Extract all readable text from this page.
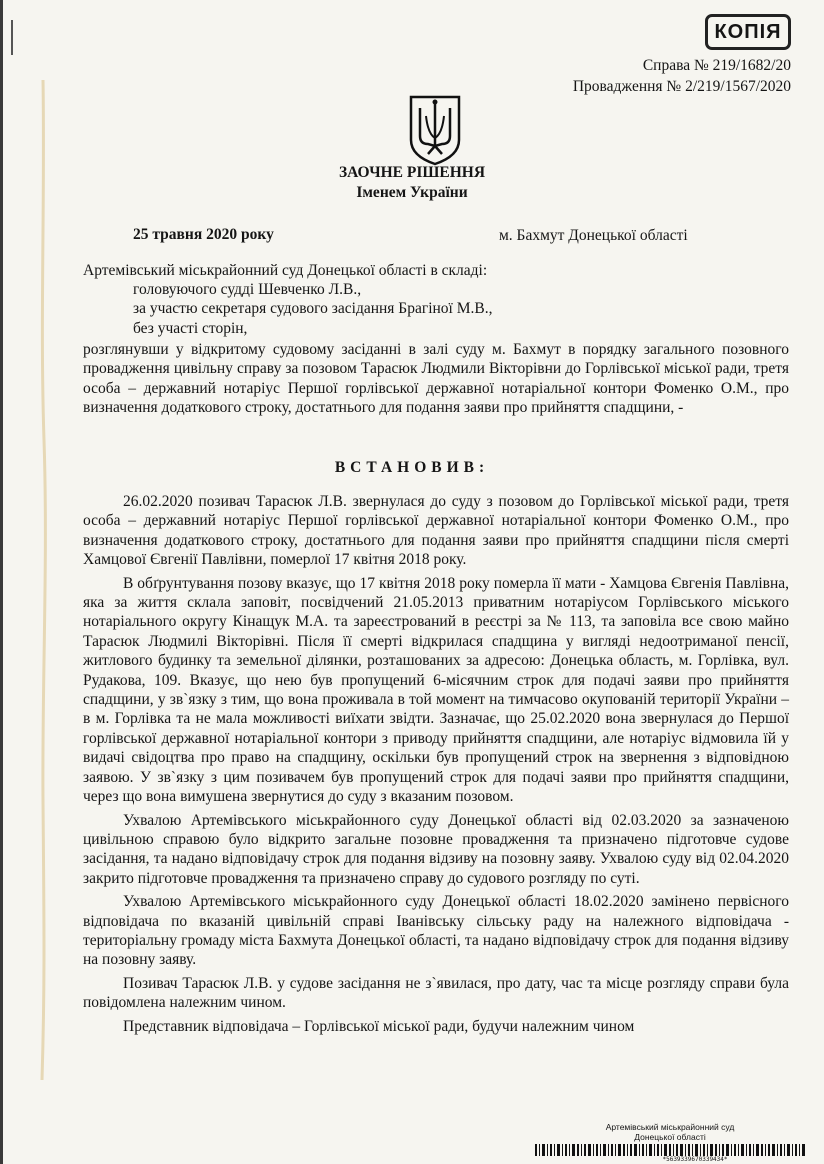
КОПІЯ
Справа № 219/1682/20
Провадження № 2/219/1567/2020
ЗАОЧНЕ РІШЕННЯ
Іменем України
25 травня 2020 року	м. Бахмут Донецької області
Артемівський міськрайонний суд Донецької області в складі:
головуючого судді Шевченко Л.В.,
за участю секретаря судового засідання Брагіної М.В.,
без участі сторін,

розглянувши у відкритому судовому засіданні в залі суду м. Бахмут в порядку загального позовного провадження цивільну справу за позовом Тарасюк Людмили Вікторівни до Горлівської міської ради, третя особа – державний нотаріус Першої горлівської державної нотаріальної контори Фоменко О.М., про визначення додаткового строку, достатнього для подання заяви про прийняття спадщини, -

ВСТАНОВИВ:

26.02.2020 позивач Тарасюк Л.В. звернулася до суду з позовом до Горлівської міської ради, третя особа – державний нотаріус Першої горлівської державної нотаріальної контори Фоменко О.М., про визначення додаткового строку, достатнього для подання заяви про прийняття спадщини після смерті Хамцової Євгенії Павлівни, померлої 17 квітня 2018 року.

В обґрунтування позову вказує, що 17 квітня 2018 року померла її мати - Хамцова Євгенія Павлівна, яка за життя склала заповіт, посвідчений 21.05.2013 приватним нотаріусом Горлівського міського нотаріального округу Кінащук М.А. та зареєстрований в реєстрі за № 113, та заповіла все свою майно Тарасюк Людмилі Вікторівні. Після її смерті відкрилася спадщина у вигляді недоотриманої пенсії, житлового будинку та земельної ділянки, розташованих за адресою: Донецька область, м. Горлівка, вул. Рудакова, 109. Вказує, що нею був пропущений 6-місячним строк для подачі заяви про прийняття спадщини, у зв`язку з тим, що вона проживала в той момент на тимчасово окупованій території України – в м. Горлівка та не мала можливості виїхати звідти. Зазначає, що 25.02.2020 вона звернулася до Першої горлівської державної нотаріальної контори з приводу прийняття спадщини, але нотаріус відмовила їй у видачі свідоцтва про право на спадщину, оскільки був пропущений строк на звернення з відповідною заявою. У зв`язку з цим позивачем був пропущений строк для подачі заяви про прийняття спадщини, через що вона вимушена звернутися до суду з вказаним позовом.

Ухвалою Артемівського міськрайонного суду Донецької області від 02.03.2020 за зазначеною цивільною справою було відкрито загальне позовне провадження та призначено підготовче судове засідання, та надано відповідачу строк для подання відзиву на позовну заяву. Ухвалою суду від 02.04.2020 закрито підготовче провадження та призначено справу до судового розгляду по суті.

Ухвалою Артемівського міськрайонного суду Донецької області 18.02.2020 замінено первісного відповідача по вказаній цивільній справі Іванівську сільську раду на належного відповідача - територіальну громаду міста Бахмута Донецької області, та надано відповідачу строк для подання відзиву на позовну заяву.

Позивач Тарасюк Л.В. у судове засідання не з`явилася, про дату, час та місце розгляду справи була повідомлена належним чином.

Представник відповідача – Горлівської міської ради, будучи належним чином

Артемівський міськрайонний суд Донецької області
*5639339670339434*
